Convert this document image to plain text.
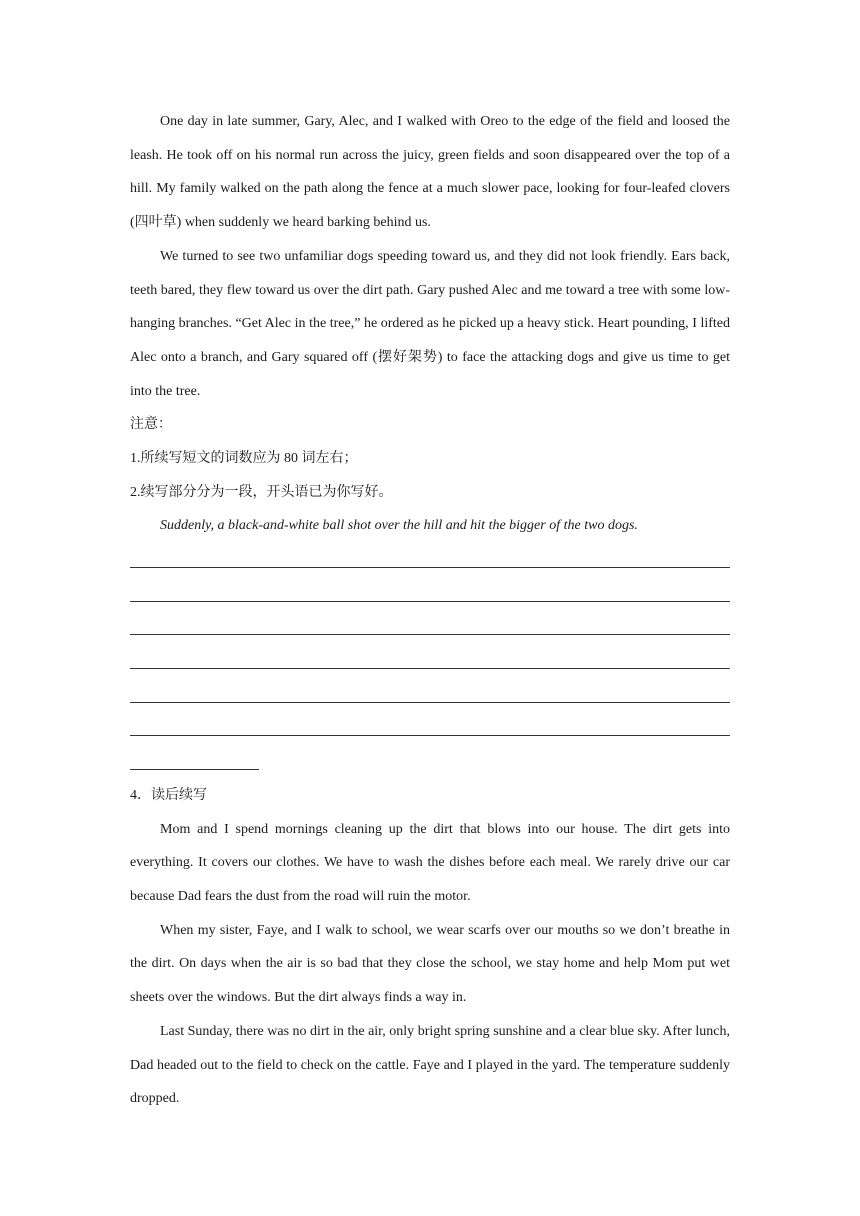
One day in late summer, Gary, Alec, and I walked with Oreo to the edge of the field and loosed the leash. He took off on his normal run across the juicy, green fields and soon disappeared over the top of a hill. My family walked on the path along the fence at a much slower pace, looking for four-leafed clovers (四叶草) when suddenly we heard barking behind us.

We turned to see two unfamiliar dogs speeding toward us, and they did not look friendly. Ears back, teeth bared, they flew toward us over the dirt path. Gary pushed Alec and me toward a tree with some low-hanging branches. “Get Alec in the tree,” he ordered as he picked up a heavy stick. Heart pounding, I lifted Alec onto a branch, and Gary squared off (摆好架势) to face the attacking dogs and give us time to get into the tree.

注意：

1.所续写短文的词数应为 80 词左右；

2.续写部分分为一段，开头语已为你写好。

Suddenly, a black-and-white ball shot over the hill and hit the bigger of the two dogs.

4．读后续写

Mom and I spend mornings cleaning up the dirt that blows into our house. The dirt gets into everything. It covers our clothes. We have to wash the dishes before each meal. We rarely drive our car because Dad fears the dust from the road will ruin the motor.

When my sister, Faye, and I walk to school, we wear scarfs over our mouths so we don’t breathe in the dirt. On days when the air is so bad that they close the school, we stay home and help Mom put wet sheets over the windows. But the dirt always finds a way in.

Last Sunday, there was no dirt in the air, only bright spring sunshine and a clear blue sky. After lunch, Dad headed out to the field to check on the cattle. Faye and I played in the yard. The temperature suddenly dropped.
